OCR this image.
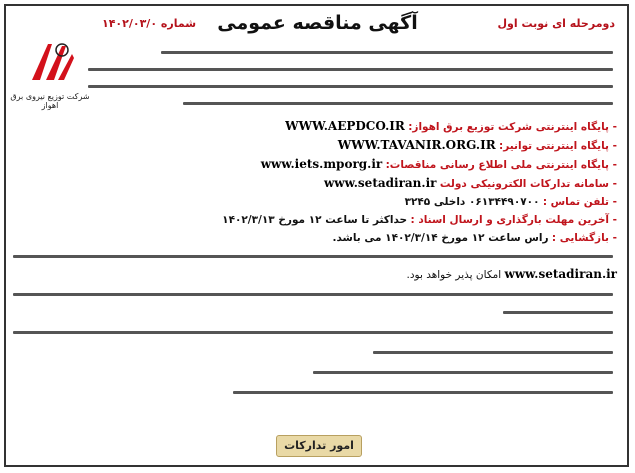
دومرحله ای نوبت اول
آگهی مناقصه عمومی
شماره ۱۴۰۲/۰۳/۰
شرکت توزیع نیروی برق اهواز
- پایگاه اینترنتی شرکت توزیع برق اهواز: WWW.AEPDCO.IR
- پایگاه اینترنتی توانیر: WWW.TAVANIR.ORG.IR
- پایگاه اینترنتی ملی اطلاع رسانی مناقصات: www.iets.mporg.ir
- سامانه تدارکات الکترونیکی دولت www.setadiran.ir
- تلفن تماس : ۰۶۱۳۴۴۹۰۷۰۰ داخلی ۳۲۴۵
- آخرین مهلت بارگذاری و ارسال اسناد : حداکثر تا ساعت ۱۲ مورخ ۱۴۰۲/۳/۱۳
- بازگشایی : راس ساعت ۱۲ مورخ ۱۴۰۲/۳/۱۴ می باشد.
www.setadiran.ir امکان پذیر خواهد بود.
امور تدارکات
